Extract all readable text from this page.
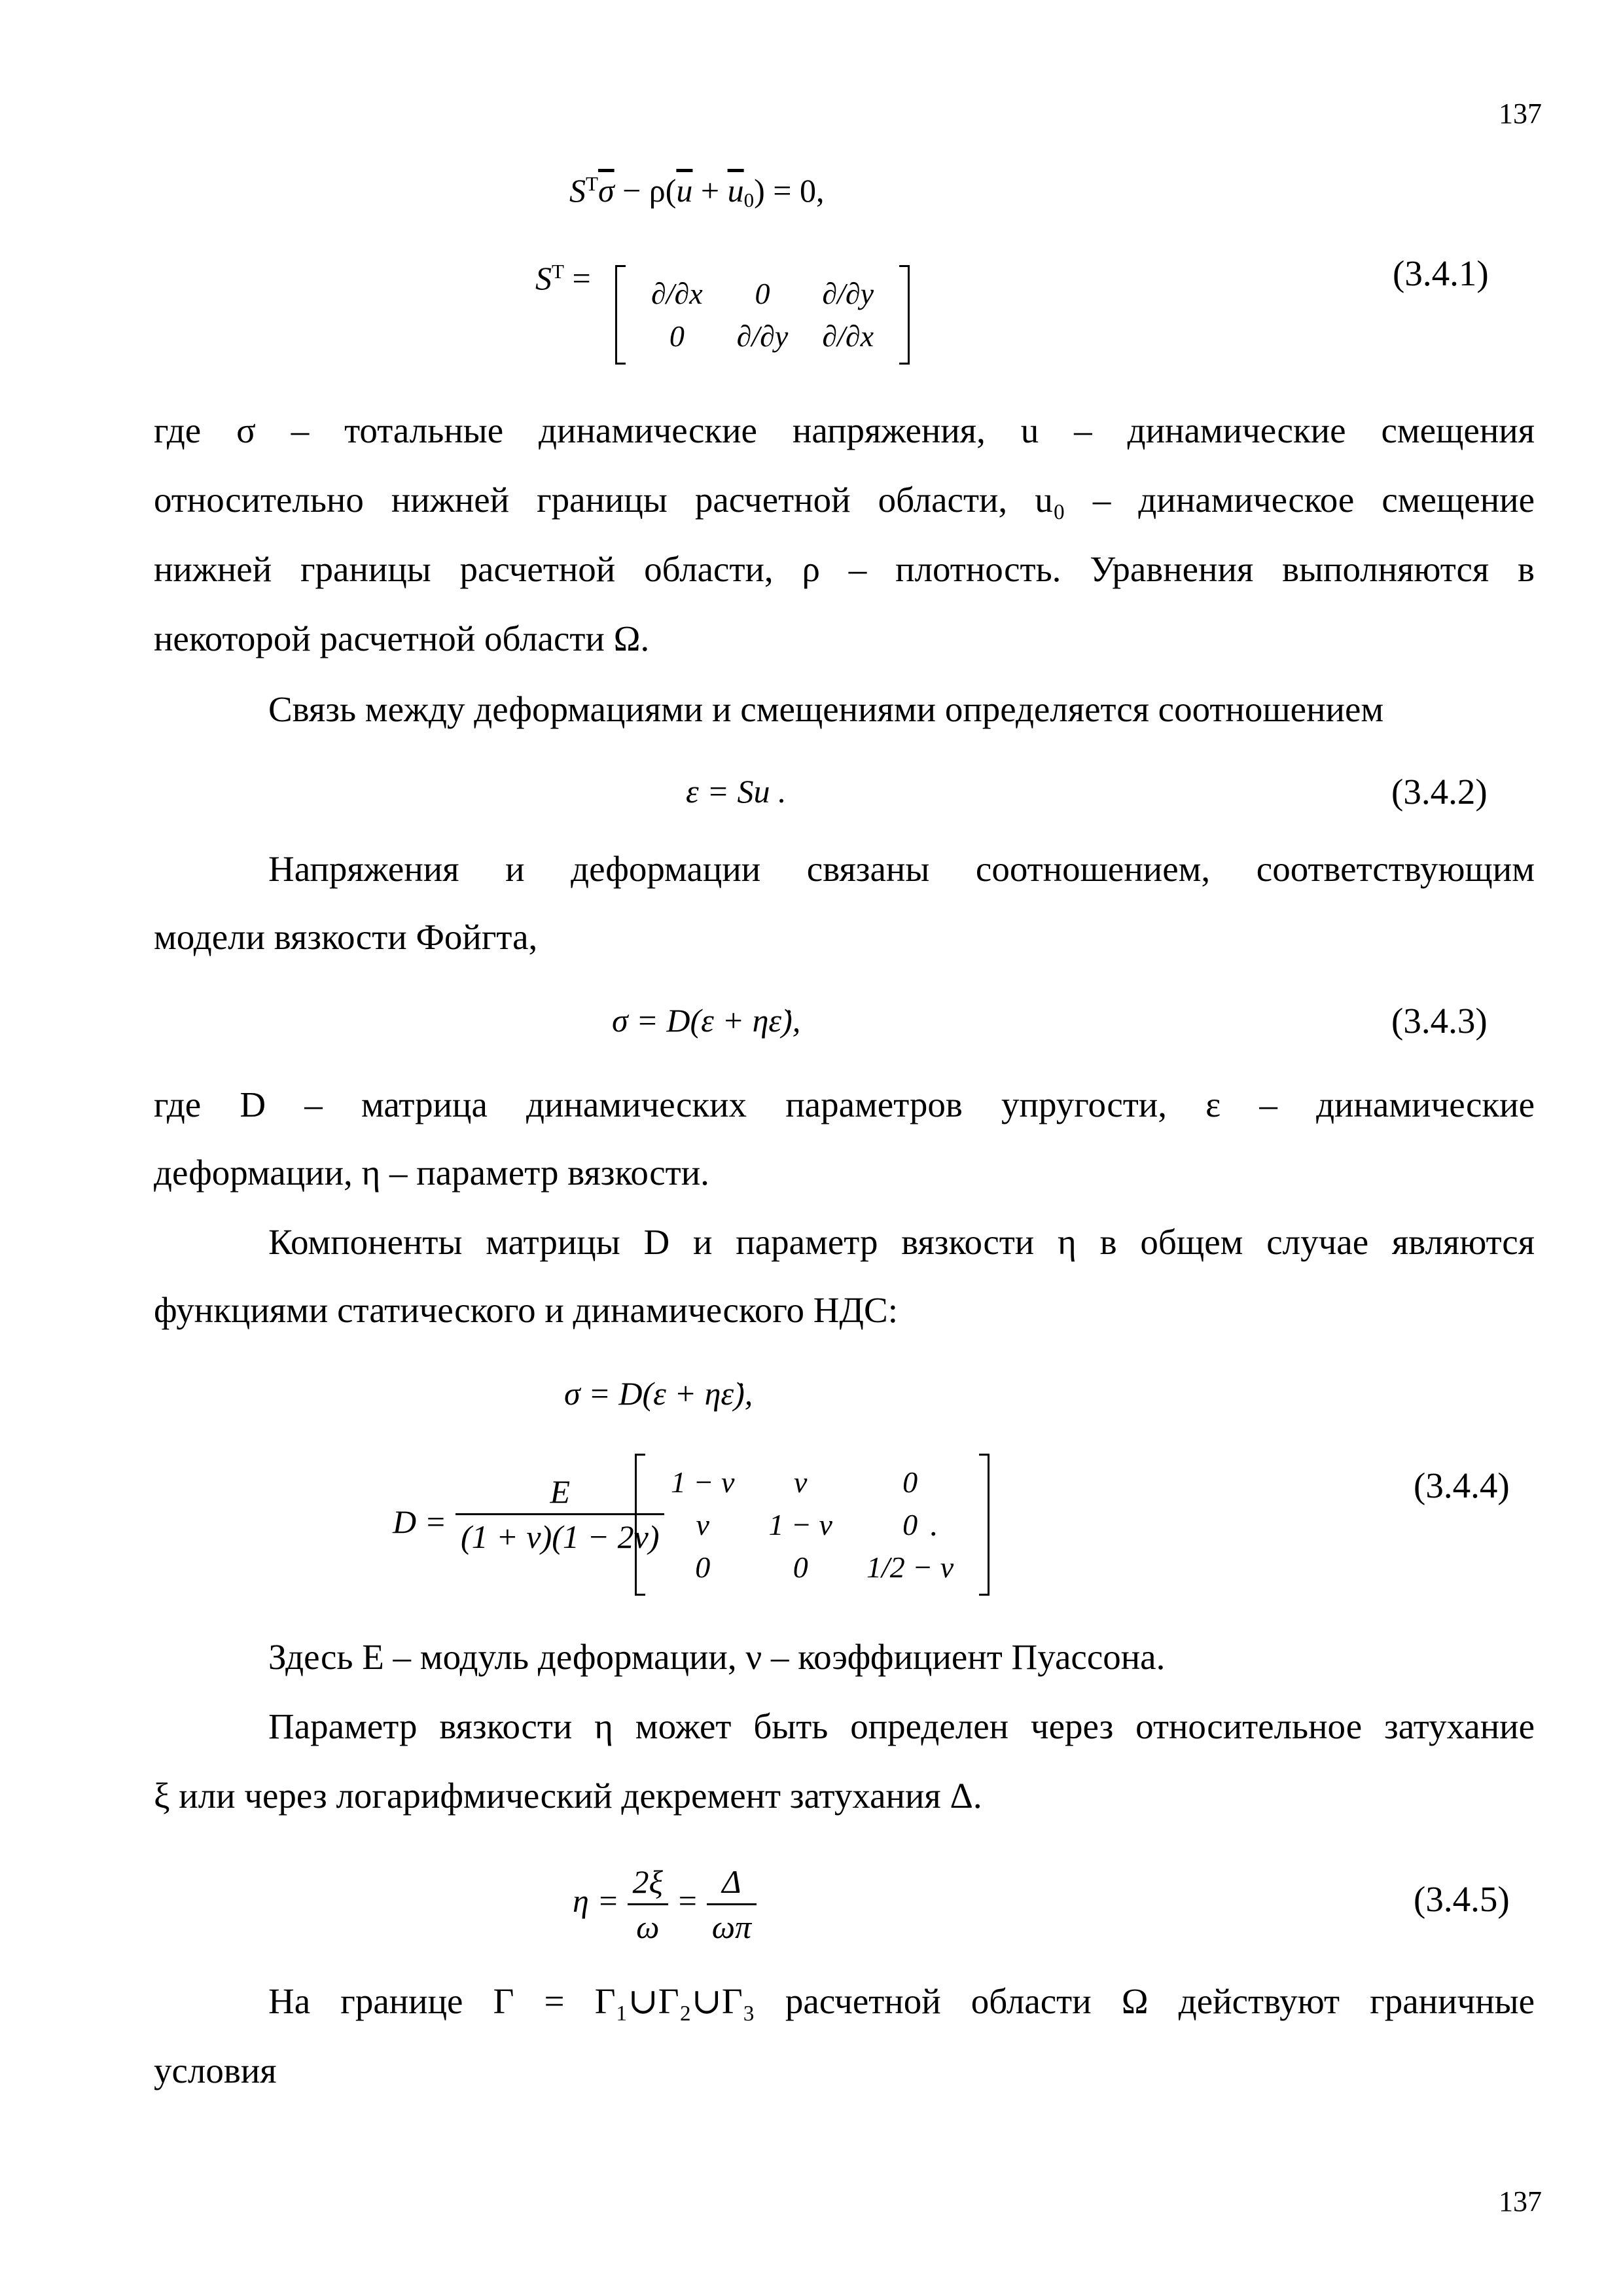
137
137
$S^T\overline{\sigma} - \rho(\overline{u} + \overline{u}_0) = 0$,
$S^T = \partial/\partial x$	0	∂/∂y
0	∂/∂y	∂/∂x
(3.4.1)
где σ – тотальные динамические напряжения, u – динамические смещения
относительно нижней границы расчетной области, u₀ – динамическое смещение
нижней границы расчетной области, ρ – плотность. Уравнения выполняются в
некоторой расчетной области Ω.
Связь между деформациями и смещениями определяется соотношением
ε = Su .	(3.4.2)
Напряжения и деформации связаны соотношением, соответствующим
модели вязкости Фойгта,
σ = D(ε + ηε̇),	(3.4.3)
где D – матрица динамических параметров упругости, ε – динамические
деформации, η – параметр вязкости.
Компоненты матрицы D и параметр вязкости η в общем случае являются
функциями статического и динамического НДС:
σ = D(ε + ηε̇),
$D = \frac{E}{(1 + \nu)(1 - 2\nu)} 1 - \nu$	ν	0
ν	1 − ν	0
0	0	1/2 − ν
.
(3.4.4)
Здесь E – модуль деформации, ν – коэффициент Пуассона.
Параметр вязкости η может быть определен через относительное затухание
ξ или через логарифмический декремент затухания Δ.
$\eta = \frac{2\xi}{\omega} = \frac{\Delta}{\omega\pi}$	(3.4.5)
На границе Γ = Γ₁∪Γ₂∪Γ₃ расчетной области Ω действуют граничные
условия
